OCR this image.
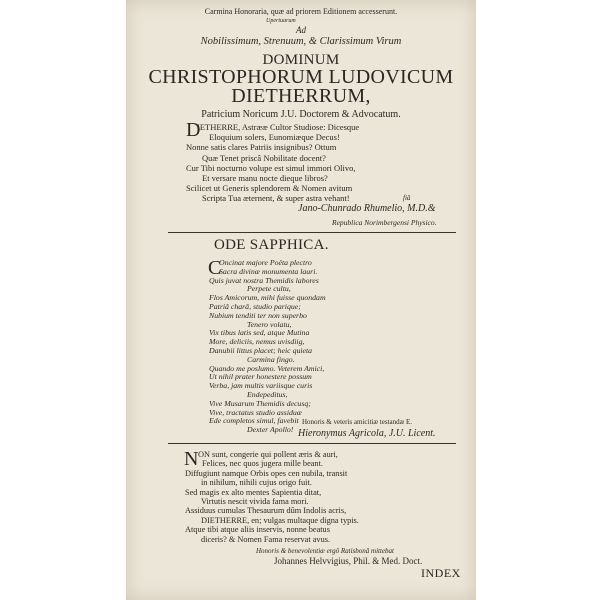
Carmina Honoraria, quæ ad priorem Editionem accesserunt.
Upertuarum
Ad
Nobilissimum, Strenuum, & Clarissimum Virum
DOMINUM
CHRISTOPHORUM LUDOVICUM
DIETHERRUM,
Patricium Noricum J.U. Doctorem & Advocatum.
D
IETHERRE, Astrææ Cultor Studiose: Dicesque
Eloquium solers, Eunomiæque Decus!
Nonne satis clares Patriis insignibus? Ottum
Quæ Tenet priscâ Nobilitate docent?
Cur Tibi nocturno volupe est simul immori Olivo,
Et versare manu nocte dieque libros?
Scilicet ut Generis splendorem & Nomen avitum
Scripta Tua æternent, & super astra vehant!	fiâ
Jano-Chunrado Rhumelio, M.D.&
Republica Norimbergensi Physico.
ODE SAPPHICA.
C
Oncinat majore Poëta plectro
Sacra divinæ monumenta lauri.
Quis juvat nostra Themidis labores
Perpete cultu,
Flos Amicorum, mihi fuisse quondam
Patriâ charâ, studio parique;
Nubium tenditi ter non superbo
Tenero volatu,
Vix tibus latis sed, atque Mutina
More, deliciis, nemus uvisdiig,
Danubii littus placet; heic quieta
Carmina fingo.
Quando me poslumo. Veterem Amici,
Ut nihil prater honestere possum
Verba, jam multis variisque curis
Endepeditus,
Vive Musarum Themidis decusq;
Vive, tractatus studio assiduæ
Ede completos simul, favebit
Dexter Apollo!
Honoris & veteris amicitiæ testandæ E.
Hieronymus Agricola, J.U. Licent.
N ON sunt, congerie qui pollent æris & auri,
Felices, nec quos jugera mille beant.
Diffugiunt namque Orbis opes cen nubila, transit
in nihilum, nihili cujus origo fuit.
Sed magis ex alto mentes Sapientia ditat,
Virtutis nescit vivida fama mori.
Assiduus cumulas Thesaurum dûm Indolis acris,
DIETHERRE, en; vulgas multaque digna typis.
Atque tibi atque aliis inservis, nonne beatus
diceris? & Nomen Fama reservat avus.
Honoris & benevolentiæ ergô Ratisbonâ mittebat
Johannes Helvvigius, Phil. & Med. Doct.
INDEX
